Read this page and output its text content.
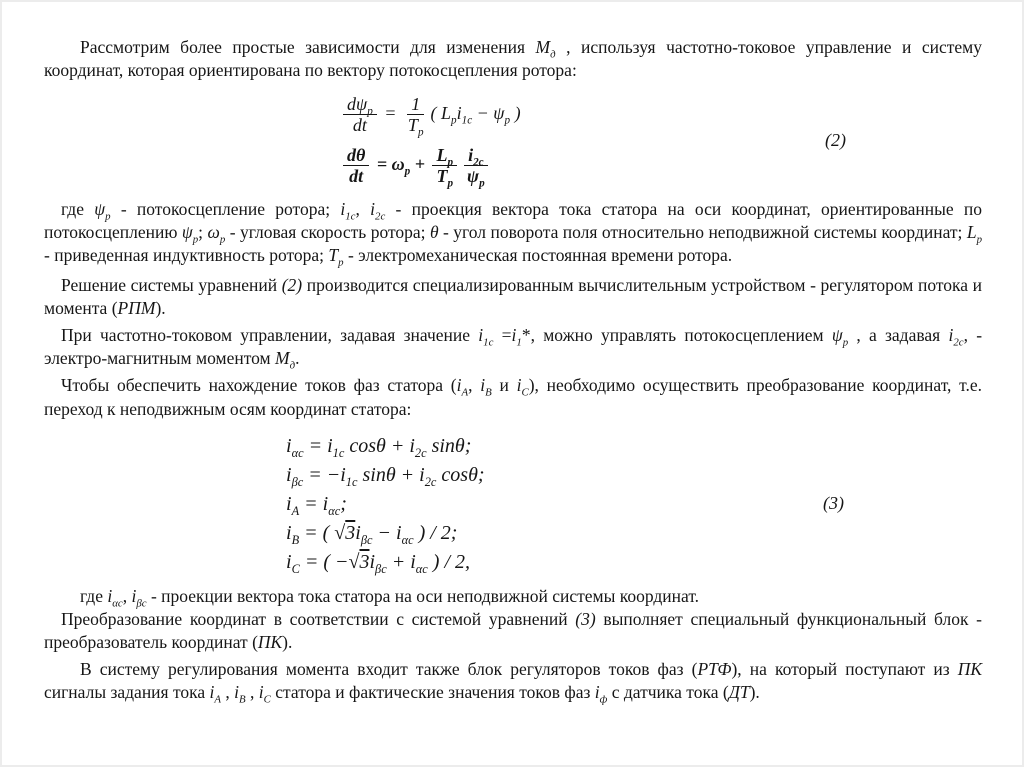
Рассмотрим более простые зависимости для изменения $M_д$ , используя частотно-токовое управление и систему координат, которая ориентирована по вектору потокосцепления ротора:

$\frac{d\psi_p}{dt} = \frac{1}{T_p}$ ( $L_pi_{1c} - \psi_p$ )
$\frac{d\theta}{dt} = \omega_p + \frac{L_p}{T_p} \frac{i_{2c}}{\psi_p}$
(2)

где $\psi_p$ - потокосцепление ротора; $i_{1c}$, $i_{2c}$ - проекция вектора тока статора на оси координат, ориентированные по потокосцеплению $\psi_p$; $\omega_p$ - угловая скорость ротора; θ - угол поворота поля относительно неподвижной системы координат; $L_p$ - приведенная индуктивность ротора; $T_p$ - электромеханическая постоянная времени ротора.

Решение системы уравнений (2) производится специализированным вычислительным устройством - регулятором потока и момента (РПМ).

При частотно-токовом управлении, задавая значение $i_{1c} =i_1*$, можно управлять потокосцеплением $\psi_p$ , а задавая $i_{2c}$, - электро-магнитным моментом $M_д$.

Чтобы обеспечить нахождение токов фаз статора ($i_A$, $i_B$ и $i_C$), необходимо осуществить преобразование координат, т.е. переход к неподвижным осям координат статора:

$i_{\alpha c} = i_{1c}$ $\cos\theta + i_{2c}$ sinθ;
$i_{\beta c} = -i_{1c}$ $\sin\theta + i_{2c}$ cosθ;
$i_A = i_{\alpha c}$;
$i_B$ = ( $√3i_{\beta c} - i_{\alpha c}$ ) / 2;
$i_C$ = ( $-√3i_{\beta c} + i_{\alpha c}$ ) / 2,
(3)

где $i_{\alpha c}$, $i_{\beta c}$ - проекции вектора тока статора на оси неподвижной системы координат.

Преобразование координат в соответствии с системой уравнений (3) выполняет специальный функциональный блок - преобразователь координат (ПК).

В систему регулирования момента входит также блок регуляторов токов фаз (РТФ), на который поступают из ПК сигналы задания тока $i_A$ , $i_B$ , $i_C$ статора и фактические значения токов фаз $i_ф$ с датчика тока (ДТ).
